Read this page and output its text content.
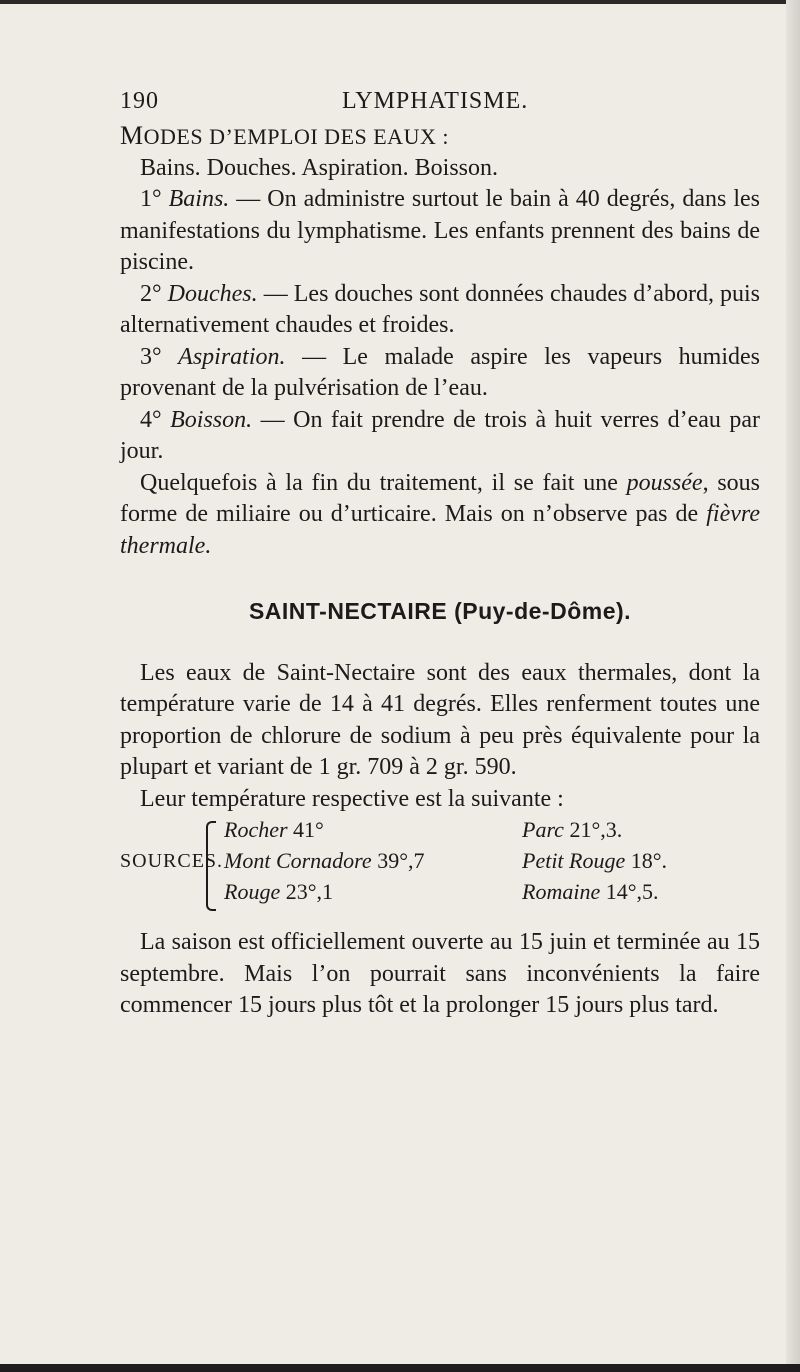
190	LYMPHATISME.

MODES D’EMPLOI DES EAUX :

Bains. Douches. Aspiration. Boisson.

1° Bains. — On administre surtout le bain à 40 degrés, dans les manifestations du lymphatisme. Les enfants prennent des bains de piscine.

2° Douches. — Les douches sont données chaudes d’abord, puis alternativement chaudes et froides.

3° Aspiration. — Le malade aspire les vapeurs humides provenant de la pulvérisation de l’eau.

4° Boisson. — On fait prendre de trois à huit verres d’eau par jour.

Quelquefois à la fin du traitement, il se fait une poussée, sous forme de miliaire ou d’urticaire. Mais on n’observe pas de fièvre thermale.

SAINT-NECTAIRE (Puy-de-Dôme).

Les eaux de Saint-Nectaire sont des eaux thermales, dont la température varie de 14 à 41 degrés. Elles renferment toutes une proportion de chlorure de sodium à peu près équivalente pour la plupart et variant de 1 gr. 709 à 2 gr. 590.

Leur température respective est la suivante :

SOURCES.
Rocher 41°	Parc 21°,3.
Mont Cornadore 39°,7	Petit Rouge 18°.
Rouge 23°,1	Romaine 14°,5.

La saison est officiellement ouverte au 15 juin et terminée au 15 septembre. Mais l’on pourrait sans inconvénients la faire commencer 15 jours plus tôt et la prolonger 15 jours plus tard.
